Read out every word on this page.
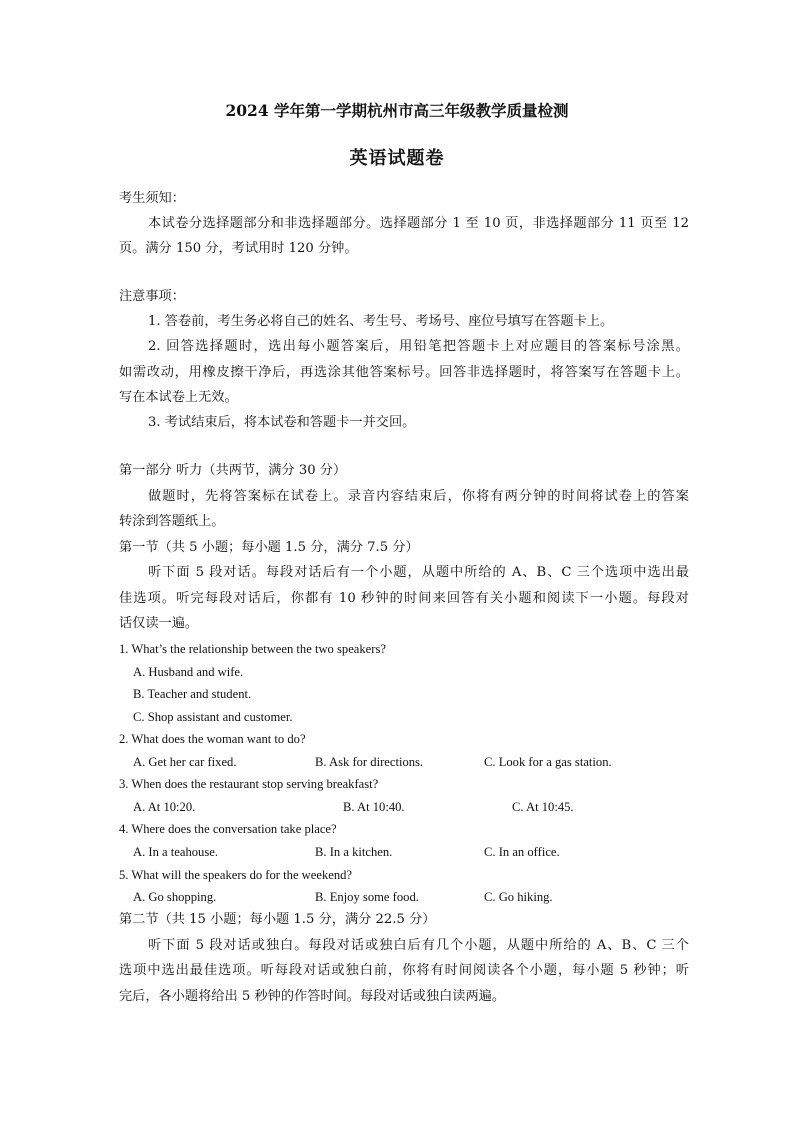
2024 学年第一学期杭州市高三年级教学质量检测
英语试题卷
考生须知：
本试卷分选择题部分和非选择题部分。选择题部分 1 至 10 页，非选择题部分 11 页至 12
页。满分 150 分，考试用时 120 分钟。
注意事项：
1. 答卷前，考生务必将自己的姓名、考生号、考场号、座位号填写在答题卡上。
2. 回答选择题时，选出每小题答案后，用铅笔把答题卡上对应题目的答案标号涂黑。
如需改动，用橡皮擦干净后，再选涂其他答案标号。回答非选择题时，将答案写在答题卡上。
写在本试卷上无效。
3. 考试结束后，将本试卷和答题卡一并交回。
第一部分 听力（共两节，满分 30 分）
做题时，先将答案标在试卷上。录音内容结束后，你将有两分钟的时间将试卷上的答案
转涂到答题纸上。
第一节（共 5 小题；每小题 1.5 分，满分 7.5 分）
听下面 5 段对话。每段对话后有一个小题，从题中所给的 A、B、C 三个选项中选出最
佳选项。听完每段对话后，你都有 10 秒钟的时间来回答有关小题和阅读下一小题。每段对
话仅读一遍。
1. What’s the relationship between the two speakers?
A. Husband and wife.
B. Teacher and student.
C. Shop assistant and customer.
2. What does the woman want to do?
A. Get her car fixed.	B. Ask for directions.	C. Look for a gas station.
3. When does the restaurant stop serving breakfast?
A. At 10:20.	B. At 10:40.	C. At 10:45.
4. Where does the conversation take place?
A. In a teahouse.	B. In a kitchen.	C. In an office.
5. What will the speakers do for the weekend?
A. Go shopping.	B. Enjoy some food.	C. Go hiking.
第二节（共 15 小题；每小题 1.5 分，满分 22.5 分）
听下面 5 段对话或独白。每段对话或独白后有几个小题，从题中所给的 A、B、C 三个
选项中选出最佳选项。听每段对话或独白前，你将有时间阅读各个小题，每小题 5 秒钟；听
完后，各小题将给出 5 秒钟的作答时间。每段对话或独白读两遍。
